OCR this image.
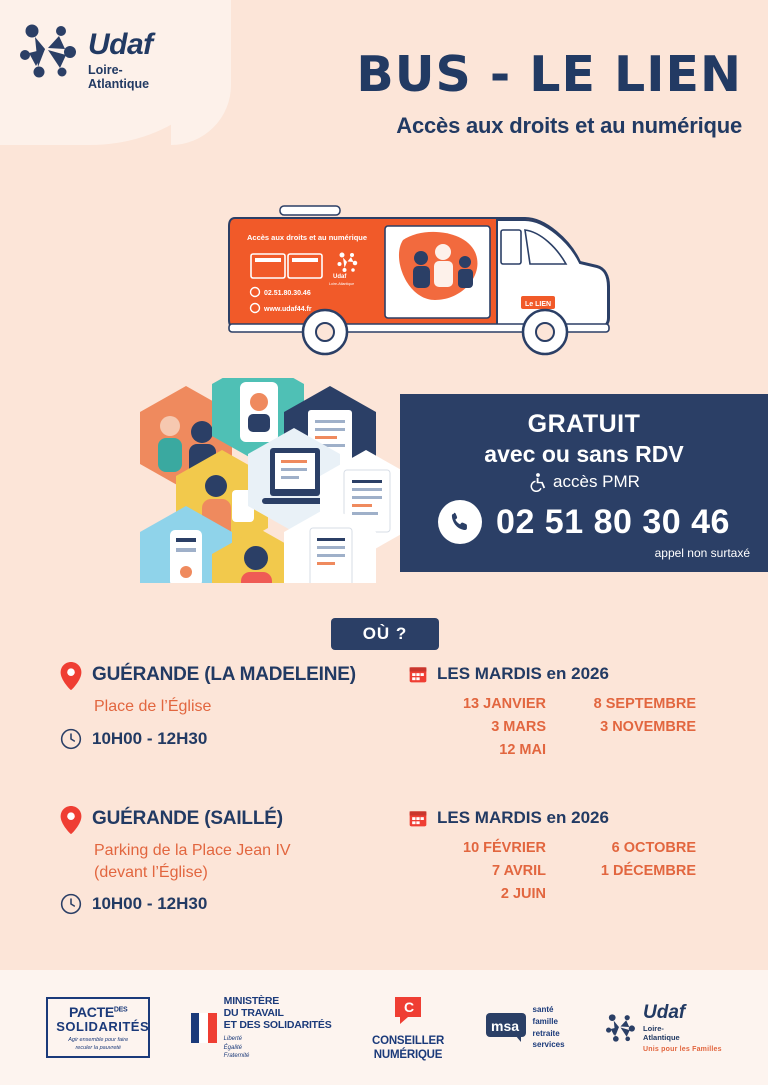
Udaf
Loire-
Atlantique	BUS - LE LIEN
Accès aux droits et au numérique
Accès aux droits et au numérique
Udaf
Loire-Atlantique
02.51.80.30.46
www.udaf44.fr
Le LIEN
GRATUIT
avec ou sans RDV
accès PMR
02 51 80 30 46
appel non surtaxé
OÙ ?
GUÉRANDE (LA MADELEINE)
Place de l’Église
10H00 - 12H30
LES MARDIS en 2026
13 JANVIER
3 MARS
12 MAI
8 SEPTEMBRE
3 NOVEMBRE
GUÉRANDE (SAILLÉ)
Parking de la Place Jean IV
(devant l’Église)
10H00 - 12H30
LES MARDIS en 2026
10 FÉVRIER
7 AVRIL
2 JUIN
6 OCTOBRE
1 DÉCEMBRE
$PACTE^{DES}$
SOLIDARITÉS
Agir ensemble pour faire
reculer la pauvreté
MINISTÈRE
DU TRAVAIL
ET DES SOLIDARITÉS
Liberté
Égalité
Fraternité
C
CONSEILLER
NUMÉRIQUE
msa
santé
famille
retraite
services
Udaf
Loire-
Atlantique
Unis pour les Familles
